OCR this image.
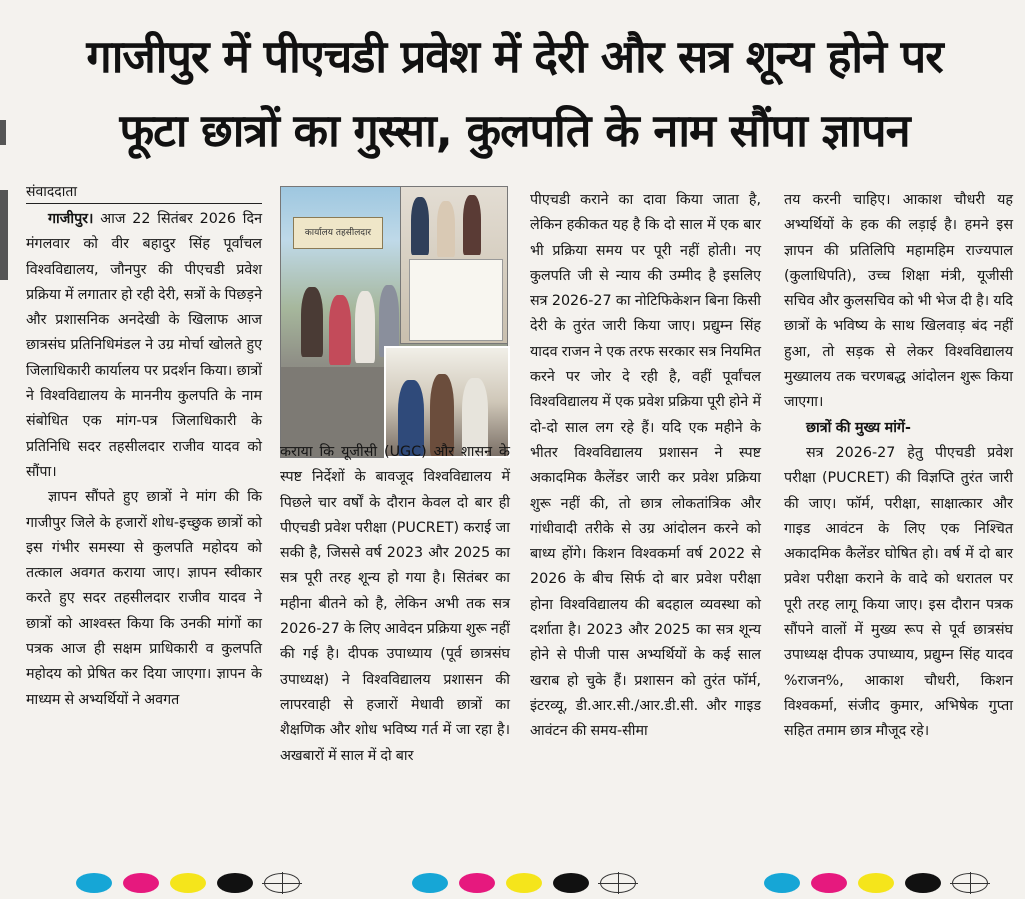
गाजीपुर में पीएचडी प्रवेश में देरी और सत्र शून्य होने पर
फूटा छात्रों का गुस्सा, कुलपति के नाम सौंपा ज्ञापन
संवाददाता

गाजीपुर। आज 22 सितंबर 2026 दिन मंगलवार को वीर बहादुर सिंह पूर्वांचल विश्वविद्यालय, जौनपुर की पीएचडी प्रवेश प्रक्रिया में लगातार हो रही देरी, सत्रों के पिछड़ने और प्रशासनिक अनदेखी के खिलाफ आज छात्रसंघ प्रतिनिधिमंडल ने उग्र मोर्चा खोलते हुए जिलाधिकारी कार्यालय पर प्रदर्शन किया। छात्रों ने विश्वविद्यालय के माननीय कुलपति के नाम संबोधित एक मांग-पत्र जिलाधिकारी के प्रतिनिधि सदर तहसीलदार राजीव यादव को सौंपा।

ज्ञापन सौंपते हुए छात्रों ने मांग की कि गाजीपुर जिले के हजारों शोध-इच्छुक छात्रों को इस गंभीर समस्या से कुलपति महोदय को तत्काल अवगत कराया जाए। ज्ञापन स्वीकार करते हुए सदर तहसीलदार राजीव यादव ने छात्रों को आश्वस्त किया कि उनकी मांगों का पत्रक आज ही सक्षम प्राधिकारी व कुलपति महोदय को प्रेषित कर दिया जाएगा। ज्ञापन के माध्यम से अभ्यर्थियों ने अवगत

कार्यालय तहसीलदार

कराया कि यूजीसी (UGC) और शासन के स्पष्ट निर्देशों के बावजूद विश्वविद्यालय में पिछले चार वर्षों के दौरान केवल दो बार ही पीएचडी प्रवेश परीक्षा (PUCRET) कराई जा सकी है, जिससे वर्ष 2023 और 2025 का सत्र पूरी तरह शून्य हो गया है। सितंबर का महीना बीतने को है, लेकिन अभी तक सत्र 2026-27 के लिए आवेदन प्रक्रिया शुरू नहीं की गई है। दीपक उपाध्याय (पूर्व छात्रसंघ उपाध्यक्ष) ने विश्वविद्यालय प्रशासन की लापरवाही से हजारों मेधावी छात्रों का शैक्षणिक और शोध भविष्य गर्त में जा रहा है। अखबारों में साल में दो बार

पीएचडी कराने का दावा किया जाता है, लेकिन हकीकत यह है कि दो साल में एक बार भी प्रक्रिया समय पर पूरी नहीं होती। नए कुलपति जी से न्याय की उम्मीद है इसलिए सत्र 2026-27 का नोटिफिकेशन बिना किसी देरी के तुरंत जारी किया जाए। प्रद्युम्न सिंह यादव राजन ने एक तरफ सरकार सत्र नियमित करने पर जोर दे रही है, वहीं पूर्वांचल विश्वविद्यालय में एक प्रवेश प्रक्रिया पूरी होने में दो-दो साल लग रहे हैं। यदि एक महीने के भीतर विश्वविद्यालय प्रशासन ने स्पष्ट अकादमिक कैलेंडर जारी कर प्रवेश प्रक्रिया शुरू नहीं की, तो छात्र लोकतांत्रिक और गांधीवादी तरीके से उग्र आंदोलन करने को बाध्य होंगे। किशन विश्वकर्मा वर्ष 2022 से 2026 के बीच सिर्फ दो बार प्रवेश परीक्षा होना विश्वविद्यालय की बदहाल व्यवस्था को दर्शाता है। 2023 और 2025 का सत्र शून्य होने से पीजी पास अभ्यर्थियों के कई साल खराब हो चुके हैं। प्रशासन को तुरंत फॉर्म, इंटरव्यू, डी.आर.सी./आर.डी.सी. और गाइड आवंटन की समय-सीमा

तय करनी चाहिए। आकाश चौधरी यह अभ्यर्थियों के हक की लड़ाई है। हमने इस ज्ञापन की प्रतिलिपि महामहिम राज्यपाल (कुलाधिपति), उच्च शिक्षा मंत्री, यूजीसी सचिव और कुलसचिव को भी भेज दी है। यदि छात्रों के भविष्य के साथ खिलवाड़ बंद नहीं हुआ, तो सड़क से लेकर विश्वविद्यालय मुख्यालय तक चरणबद्ध आंदोलन शुरू किया जाएगा।

छात्रों की मुख्य मांगें-

सत्र 2026-27 हेतु पीएचडी प्रवेश परीक्षा (PUCRET) की विज्ञप्ति तुरंत जारी की जाए। फॉर्म, परीक्षा, साक्षात्कार और गाइड आवंटन के लिए एक निश्चित अकादमिक कैलेंडर घोषित हो। वर्ष में दो बार प्रवेश परीक्षा कराने के वादे को धरातल पर पूरी तरह लागू किया जाए। इस दौरान पत्रक सौंपने वालों में मुख्य रूप से पूर्व छात्रसंघ उपाध्यक्ष दीपक उपाध्याय, प्रद्युम्न सिंह यादव %राजन%, आकाश चौधरी, किशन विश्वकर्मा, संजीद कुमार, अभिषेक गुप्ता सहित तमाम छात्र मौजूद रहे।
